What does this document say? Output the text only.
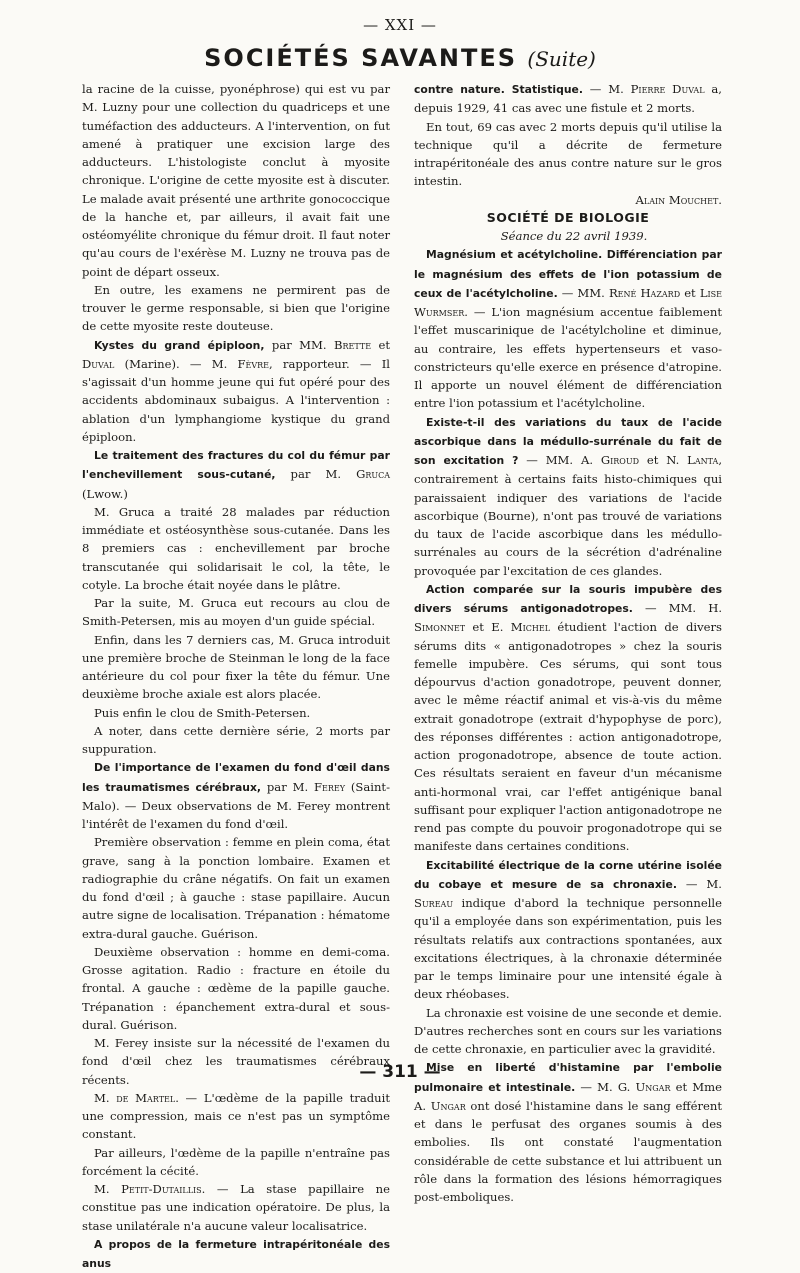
— XXI —
SOCIÉTÉS SAVANTES (Suite)

la racine de la cuisse, pyonéphrose) qui est vu par M. Luzny pour une collection du quadriceps et une tuméfaction des adducteurs. A l'intervention, on fut amené à pratiquer une excision large des adducteurs. L'histologiste conclut à myosite chronique. L'origine de cette myosite est à discuter. Le malade avait présenté une arthrite gonococcique de la hanche et, par ailleurs, il avait fait une ostéomyélite chronique du fémur droit. Il faut noter qu'au cours de l'exérèse M. Luzny ne trouva pas de point de départ osseux.

En outre, les examens ne permirent pas de trouver le germe responsable, si bien que l'origine de cette myosite reste douteuse.

Kystes du grand épiploon, par MM. Brette et Duval (Marine). — M. Fèvre, rapporteur. — Il s'agissait d'un homme jeune qui fut opéré pour des accidents abdominaux subaigus. A l'intervention : ablation d'un lymphangiome kystique du grand épiploon.

Le traitement des fractures du col du fémur par l'enchevillement sous-cutané, par M. Gruca (Lwow.)

M. Gruca a traité 28 malades par réduction immédiate et ostéosynthèse sous-cutanée. Dans les 8 premiers cas : enchevillement par broche transcutanée qui solidarisait le col, la tête, le cotyle. La broche était noyée dans le plâtre.

Par la suite, M. Gruca eut recours au clou de Smith-Petersen, mis au moyen d'un guide spécial.

Enfin, dans les 7 derniers cas, M. Gruca introduit une première broche de Steinman le long de la face antérieure du col pour fixer la tête du fémur. Une deuxième broche axiale est alors placée.

Puis enfin le clou de Smith-Petersen.

A noter, dans cette dernière série, 2 morts par suppuration.

De l'importance de l'examen du fond d'œil dans les traumatismes cérébraux, par M. Ferey (Saint-Malo). — Deux observations de M. Ferey montrent l'intérêt de l'examen du fond d'œil.

Première observation : femme en plein coma, état grave, sang à la ponction lombaire. Examen et radiographie du crâne négatifs. On fait un examen du fond d'œil ; à gauche : stase papillaire. Aucun autre signe de localisation. Trépanation : hématome extra-dural gauche. Guérison.

Deuxième observation : homme en demi-coma. Grosse agitation. Radio : fracture en étoile du frontal. A gauche : œdème de la papille gauche. Trépanation : épanchement extra-dural et sous-dural. Guérison.

M. Ferey insiste sur la nécessité de l'examen du fond d'œil chez les traumatismes cérébraux récents.

M. de Martel. — L'œdème de la papille traduit une compression, mais ce n'est pas un symptôme constant.

Par ailleurs, l'œdème de la papille n'entraîne pas forcément la cécité.

M. Petit-Dutaillis. — La stase papillaire ne constitue pas une indication opératoire. De plus, la stase unilatérale n'a aucune valeur localisatrice.

A propos de la fermeture intrapéritonéale des anus

contre nature. Statistique. — M. Pierre Duval a, depuis 1929, 41 cas avec une fistule et 2 morts.

En tout, 69 cas avec 2 morts depuis qu'il utilise la technique qu'il a décrite de fermeture intrapéritonéale des anus contre nature sur le gros intestin.

Alain Mouchet.

SOCIÉTÉ DE BIOLOGIE

Séance du 22 avril 1939.

Magnésium et acétylcholine. Différenciation par le magnésium des effets de l'ion potassium de ceux de l'acétylcholine. — MM. René Hazard et Lise Wurmser. — L'ion magnésium accentue faiblement l'effet muscarinique de l'acétylcholine et diminue, au contraire, les effets hypertenseurs et vaso-constricteurs qu'elle exerce en présence d'atropine. Il apporte un nouvel élément de différenciation entre l'ion potassium et l'acétylcholine.

Existe-t-il des variations du taux de l'acide ascorbique dans la médullo-surrénale du fait de son excitation ? — MM. A. Giroud et N. Lanta, contrairement à certains faits histo-chimiques qui paraissaient indiquer des variations de l'acide ascorbique (Bourne), n'ont pas trouvé de variations du taux de l'acide ascorbique dans les médullo-surrénales au cours de la sécrétion d'adrénaline provoquée par l'excitation de ces glandes.

Action comparée sur la souris impubère des divers sérums antigonadotropes. — MM. H. Simonnet et E. Michel étudient l'action de divers sérums dits « antigonadotropes » chez la souris femelle impubère. Ces sérums, qui sont tous dépourvus d'action gonadotrope, peuvent donner, avec le même réactif animal et vis-à-vis du même extrait gonadotrope (extrait d'hypophyse de porc), des réponses différentes : action antigonadotrope, action progonadotrope, absence de toute action. Ces résultats seraient en faveur d'un mécanisme anti-hormonal vrai, car l'effet antigénique banal suffisant pour expliquer l'action antigonadotrope ne rend pas compte du pouvoir progonadotrope qui se manifeste dans certaines conditions.

Excitabilité électrique de la corne utérine isolée du cobaye et mesure de sa chronaxie. — M. Sureau indique d'abord la technique personnelle qu'il a employée dans son expérimentation, puis les résultats relatifs aux contractions spontanées, aux excitations électriques, à la chronaxie déterminée par le temps liminaire pour une intensité égale à deux rhéobases.

La chronaxie est voisine de une seconde et demie. D'autres recherches sont en cours sur les variations de cette chronaxie, en particulier avec la gravidité.

Mise en liberté d'histamine par l'embolie pulmonaire et intestinale. — M. G. Ungar et Mme A. Ungar ont dosé l'histamine dans le sang efférent et dans le perfusat des organes soumis à des embolies. Ils ont constaté l'augmentation considérable de cette substance et lui attribuent un rôle dans la formation des lésions hémorragiques post-emboliques.

— 311 —
